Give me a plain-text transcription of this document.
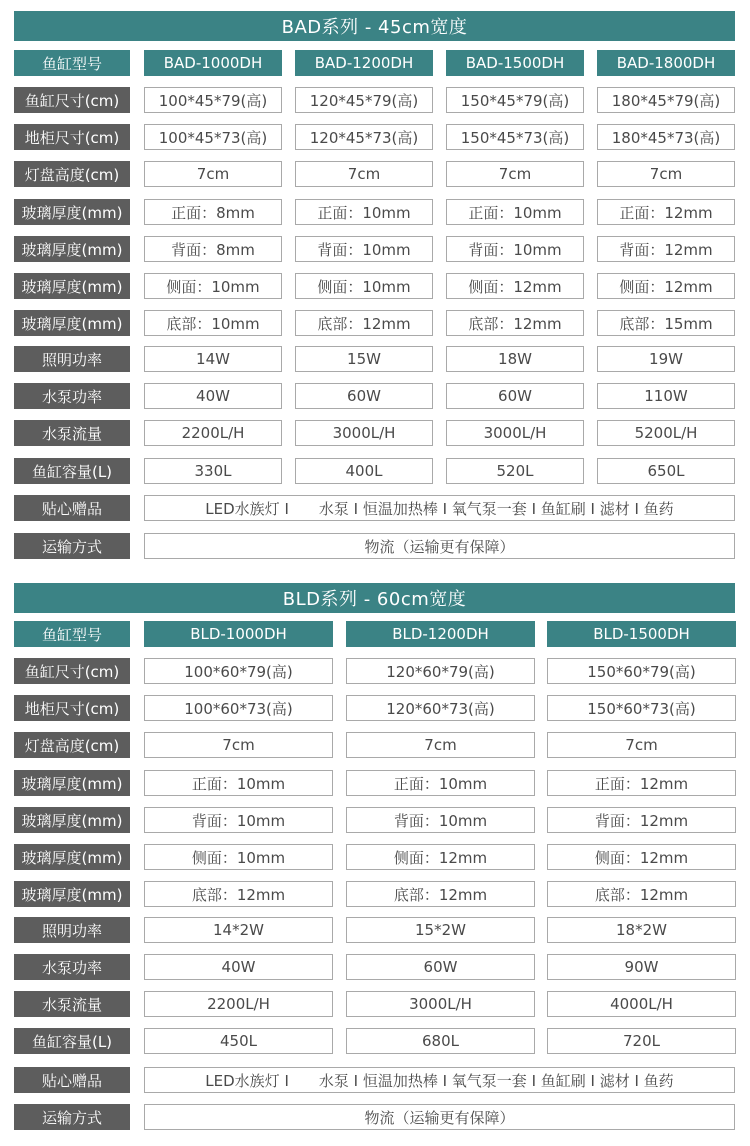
BAD系列 - 45cm宽度
鱼缸型号	BAD-1000DH	BAD-1200DH	BAD-1500DH	BAD-1800DH
鱼缸尺寸(cm)	100*45*79(高)	120*45*79(高)	150*45*79(高)	180*45*79(高)
地柜尺寸(cm)	100*45*73(高)	120*45*73(高)	150*45*73(高)	180*45*73(高)
灯盘高度(cm)	7cm	7cm	7cm	7cm
玻璃厚度(mm)	正面：8mm	正面：10mm	正面：10mm	正面：12mm
玻璃厚度(mm)	背面：8mm	背面：10mm	背面：10mm	背面：12mm
玻璃厚度(mm)	侧面：10mm	侧面：10mm	侧面：12mm	侧面：12mm
玻璃厚度(mm)	底部：10mm	底部：12mm	底部：12mm	底部：15mm
照明功率	14W	15W	18W	19W
水泵功率	40W	60W	60W	110W
水泵流量	2200L/H	3000L/H	3000L/H	5200L/H
鱼缸容量(L)	330L	400L	520L	650L
贴心赠品	LED水族灯 I　　水泵 I 恒温加热棒 I 氧气泵一套 I 鱼缸刷 I 滤材 I 鱼药
运输方式	物流（运输更有保障）
BLD系列 - 60cm宽度
鱼缸型号	BLD-1000DH	BLD-1200DH	BLD-1500DH
鱼缸尺寸(cm)	100*60*79(高)	120*60*79(高)	150*60*79(高)
地柜尺寸(cm)	100*60*73(高)	120*60*73(高)	150*60*73(高)
灯盘高度(cm)	7cm	7cm	7cm
玻璃厚度(mm)	正面：10mm	正面：10mm	正面：12mm
玻璃厚度(mm)	背面：10mm	背面：10mm	背面：12mm
玻璃厚度(mm)	侧面：10mm	侧面：12mm	侧面：12mm
玻璃厚度(mm)	底部：12mm	底部：12mm	底部：12mm
照明功率	14*2W	15*2W	18*2W
水泵功率	40W	60W	90W
水泵流量	2200L/H	3000L/H	4000L/H
鱼缸容量(L)	450L	680L	720L
贴心赠品	LED水族灯 I　　水泵 I 恒温加热棒 I 氧气泵一套 I 鱼缸刷 I 滤材 I 鱼药
运输方式	物流（运输更有保障）
